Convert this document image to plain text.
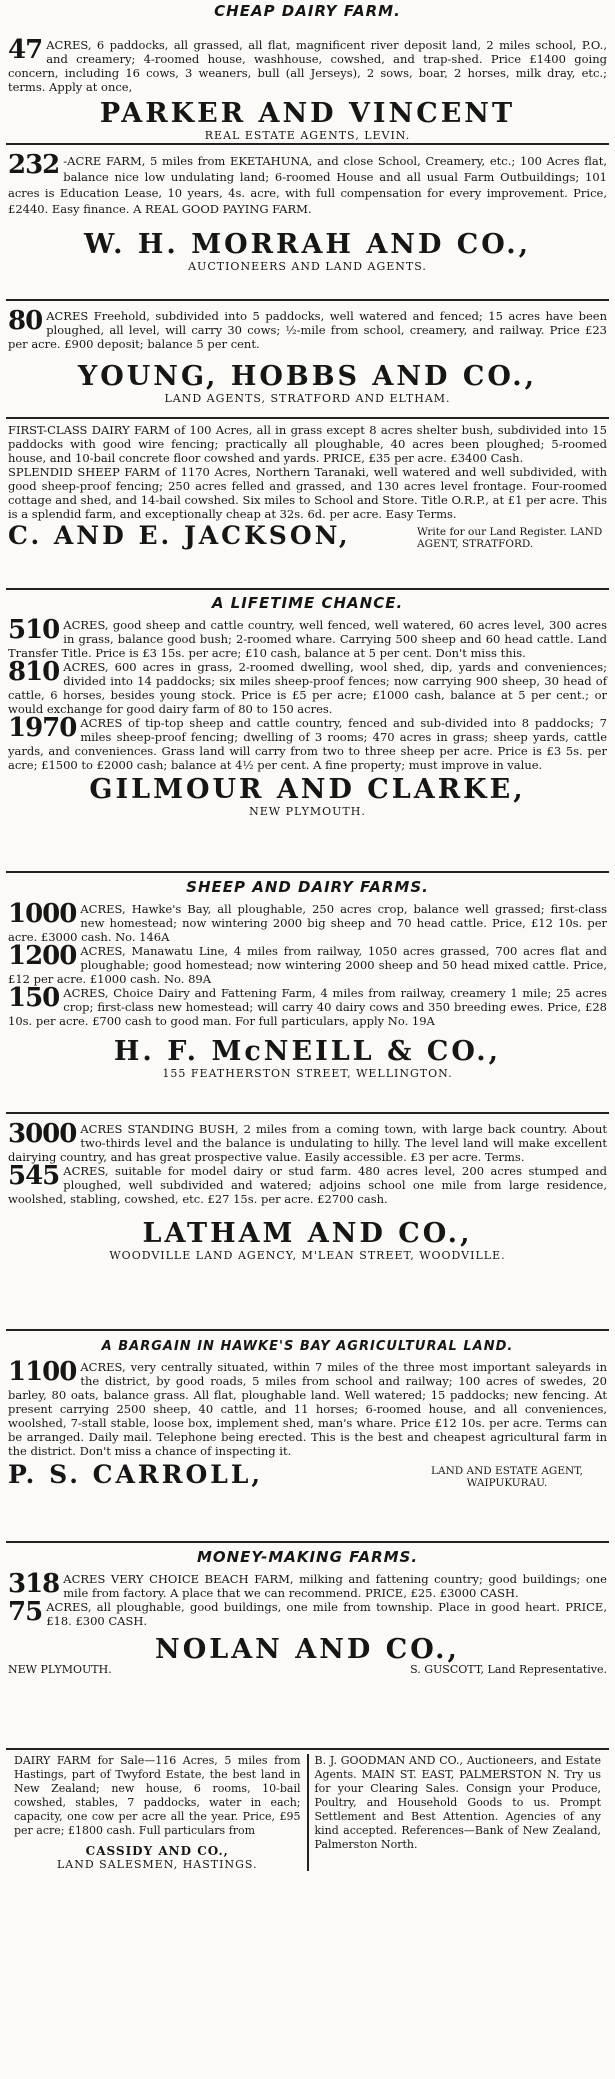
CHEAP DAIRY FARM.

47 ACRES, 6 paddocks, all grassed, all flat, magnificent river deposit land, 2 miles school, P.O., and creamery; 4-roomed house, washhouse, cowshed, and trap-shed. Price £1400 going concern, including 16 cows, 3 weaners, bull (all Jerseys), 2 sows, boar, 2 horses, milk dray, etc.; terms. Apply at once,

PARKER AND VINCENT

REAL ESTATE AGENTS, LEVIN.

232 -ACRE FARM, 5 miles from EKETAHUNA, and close School, Creamery, etc.; 100 Acres flat, balance nice low undulating land; 6-roomed House and all usual Farm Outbuildings; 101 acres is Education Lease, 10 years, 4s. acre, with full compensation for every improvement. Price, £2440. Easy finance. A REAL GOOD PAYING FARM.

W. H. MORRAH AND CO.,

AUCTIONEERS AND LAND AGENTS.

80 ACRES Freehold, subdivided into 5 paddocks, well watered and fenced; 15 acres have been ploughed, all level, will carry 30 cows; ½-mile from school, creamery, and railway. Price £23 per acre. £900 deposit; balance 5 per cent.

YOUNG, HOBBS AND CO.,

LAND AGENTS, STRATFORD AND ELTHAM.

FIRST-CLASS DAIRY FARM of 100 Acres, all in grass except 8 acres shelter bush, subdivided into 15 paddocks with good wire fencing; practically all ploughable, 40 acres been ploughed; 5-roomed house, and 10-bail concrete floor cowshed and yards. PRICE, £35 per acre. £3400 Cash.

SPLENDID SHEEP FARM of 1170 Acres, Northern Taranaki, well watered and well subdivided, with good sheep-proof fencing; 250 acres felled and grassed, and 130 acres level frontage. Four-roomed cottage and shed, and 14-bail cowshed. Six miles to School and Store. Title O.R.P., at £1 per acre. This is a splendid farm, and exceptionally cheap at 32s. 6d. per acre. Easy Terms.

C. AND E. JACKSON,	Write for our Land Register. LAND AGENT, STRATFORD.

A LIFETIME CHANCE.

510 ACRES, good sheep and cattle country, well fenced, well watered, 60 acres level, 300 acres in grass, balance good bush; 2-roomed whare. Carrying 500 sheep and 60 head cattle. Land Transfer Title. Price is £3 15s. per acre; £10 cash, balance at 5 per cent. Don't miss this.

810 ACRES, 600 acres in grass, 2-roomed dwelling, wool shed, dip, yards and conveniences; divided into 14 paddocks; six miles sheep-proof fences; now carrying 900 sheep, 30 head of cattle, 6 horses, besides young stock. Price is £5 per acre; £1000 cash, balance at 5 per cent.; or would exchange for good dairy farm of 80 to 150 acres.

1970 ACRES of tip-top sheep and cattle country, fenced and sub-divided into 8 paddocks; 7 miles sheep-proof fencing; dwelling of 3 rooms; 470 acres in grass; sheep yards, cattle yards, and conveniences. Grass land will carry from two to three sheep per acre. Price is £3 5s. per acre; £1500 to £2000 cash; balance at 4½ per cent. A fine property; must improve in value.

GILMOUR AND CLARKE,

NEW PLYMOUTH.

SHEEP AND DAIRY FARMS.

1000 ACRES, Hawke's Bay, all ploughable, 250 acres crop, balance well grassed; first-class new homestead; now wintering 2000 big sheep and 70 head cattle. Price, £12 10s. per acre. £3000 cash. No. 146A

1200 ACRES, Manawatu Line, 4 miles from railway, 1050 acres grassed, 700 acres flat and ploughable; good homestead; now wintering 2000 sheep and 50 head mixed cattle. Price, £12 per acre. £1000 cash. No. 89A

150 ACRES, Choice Dairy and Fattening Farm, 4 miles from railway, creamery 1 mile; 25 acres crop; first-class new homestead; will carry 40 dairy cows and 350 breeding ewes. Price, £28 10s. per acre. £700 cash to good man. For full particulars, apply No. 19A

H. F. McNEILL & CO.,

155 FEATHERSTON STREET, WELLINGTON.

3000 ACRES STANDING BUSH, 2 miles from a coming town, with large back country. About two-thirds level and the balance is undulating to hilly. The level land will make excellent dairying country, and has great prospective value. Easily accessible. £3 per acre. Terms.

545 ACRES, suitable for model dairy or stud farm. 480 acres level, 200 acres stumped and ploughed, well subdivided and watered; adjoins school one mile from large residence, woolshed, stabling, cowshed, etc. £27 15s. per acre. £2700 cash.

LATHAM AND CO.,

WOODVILLE LAND AGENCY, M'LEAN STREET, WOODVILLE.

A BARGAIN IN HAWKE'S BAY AGRICULTURAL LAND.

1100 ACRES, very centrally situated, within 7 miles of the three most important saleyards in the district, by good roads, 5 miles from school and railway; 100 acres of swedes, 20 barley, 80 oats, balance grass. All flat, ploughable land. Well watered; 15 paddocks; new fencing. At present carrying 2500 sheep, 40 cattle, and 11 horses; 6-roomed house, and all conveniences, woolshed, 7-stall stable, loose box, implement shed, man's whare. Price £12 10s. per acre. Terms can be arranged. Daily mail. Telephone being erected. This is the best and cheapest agricultural farm in the district. Don't miss a chance of inspecting it.

P. S. CARROLL,	LAND AND ESTATE AGENT, WAIPUKURAU.

MONEY-MAKING FARMS.

318 ACRES VERY CHOICE BEACH FARM, milking and fattening country; good buildings; one mile from factory. A place that we can recommend. PRICE, £25. £3000 CASH.

75 ACRES, all ploughable, good buildings, one mile from township. Place in good heart. PRICE, £18. £300 CASH.

NOLAN AND CO.,

NEW PLYMOUTH.	S. GUSCOTT, Land Representative.

DAIRY FARM for Sale—116 Acres, 5 miles from Hastings, part of Twyford Estate, the best land in New Zealand; new house, 6 rooms, 10-bail cowshed, stables, 7 paddocks, water in each; capacity, one cow per acre all the year. Price, £95 per acre; £1800 cash. Full particulars from

CASSIDY AND CO.,

LAND SALESMEN, HASTINGS.

B. J. GOODMAN AND CO., Auctioneers, and Estate Agents. MAIN ST. EAST, PALMERSTON N. Try us for your Clearing Sales. Consign your Produce, Poultry, and Household Goods to us. Prompt Settlement and Best Attention. Agencies of any kind accepted. References—Bank of New Zealand, Palmerston North.
